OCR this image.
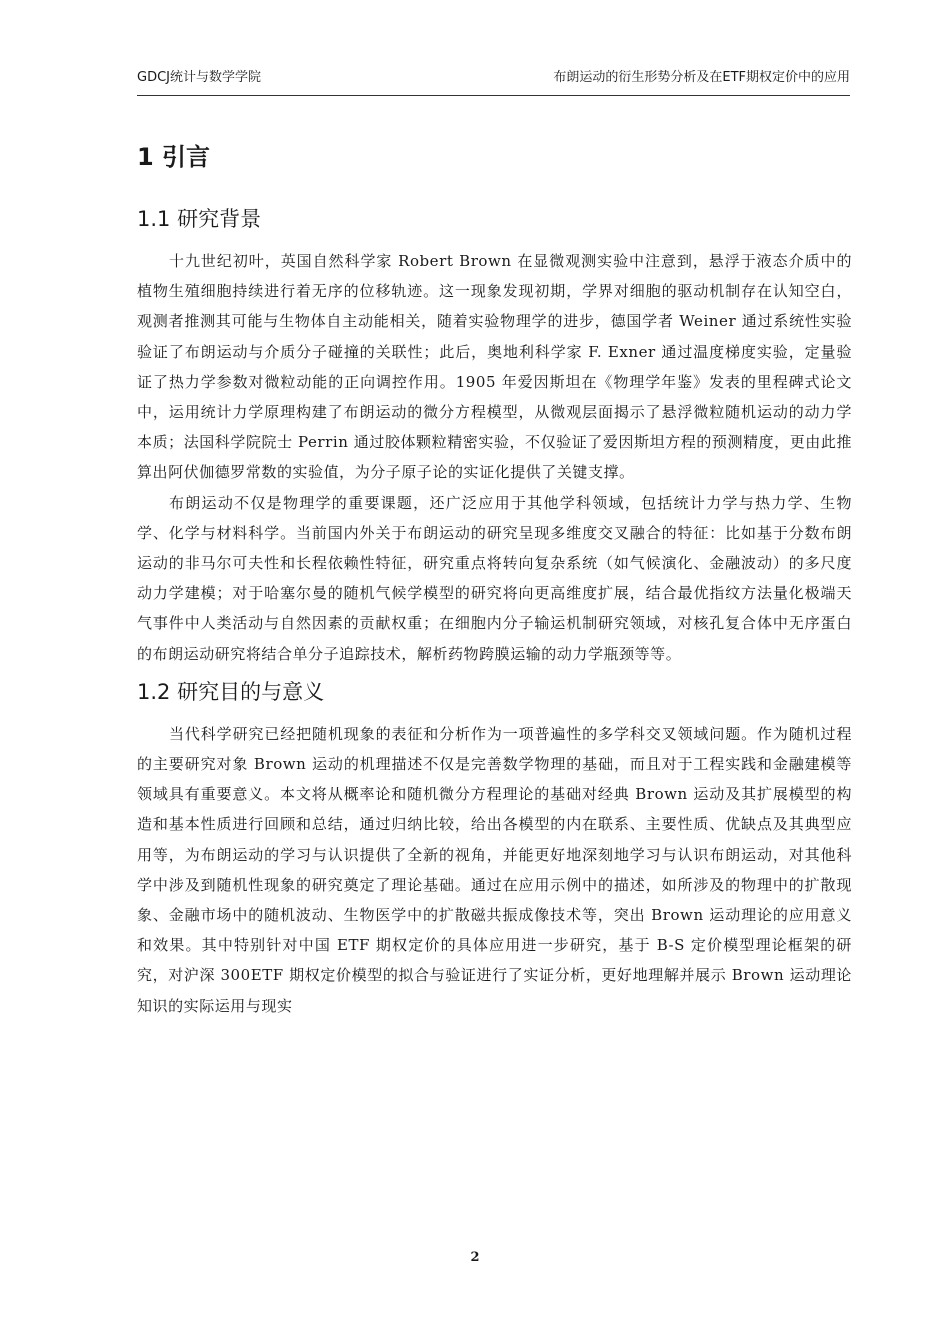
GDCJ统计与数学学院	布朗运动的衍生形势分析及在ETF期权定价中的应用
1 引言
1.1 研究背景

十九世纪初叶，英国自然科学家 Robert Brown 在显微观测实验中注意到，悬浮于液态介质中的植物生殖细胞持续进行着无序的位移轨迹。这一现象发现初期，学界对细胞的驱动机制存在认知空白，观测者推测其可能与生物体自主动能相关，随着实验物理学的进步，德国学者 Weiner 通过系统性实验验证了布朗运动与介质分子碰撞的关联性；此后，奥地利科学家 F. Exner 通过温度梯度实验，定量验证了热力学参数对微粒动能的正向调控作用。1905 年爱因斯坦在《物理学年鉴》发表的里程碑式论文中，运用统计力学原理构建了布朗运动的微分方程模型，从微观层面揭示了悬浮微粒随机运动的动力学本质；法国科学院院士 Perrin 通过胶体颗粒精密实验，不仅验证了爱因斯坦方程的预测精度，更由此推算出阿伏伽德罗常数的实验值，为分子原子论的实证化提供了关键支撑。

布朗运动不仅是物理学的重要课题，还广泛应用于其他学科领域，包括统计力学与热力学、生物学、化学与材料科学。当前国内外关于布朗运动的研究呈现多维度交叉融合的特征：比如基于分数布朗运动的非马尔可夫性和长程依赖性特征，研究重点将转向复杂系统（如气候演化、金融波动）的多尺度动力学建模；对于哈塞尔曼的随机气候学模型的研究将向更高维度扩展，结合最优指纹方法量化极端天气事件中人类活动与自然因素的贡献权重；在细胞内分子输运机制研究领域，对核孔复合体中无序蛋白的布朗运动研究将结合单分子追踪技术，解析药物跨膜运输的动力学瓶颈等等。

1.2 研究目的与意义

当代科学研究已经把随机现象的表征和分析作为一项普遍性的多学科交叉领域问题。作为随机过程的主要研究对象 Brown 运动的机理描述不仅是完善数学物理的基础，而且对于工程实践和金融建模等领域具有重要意义。本文将从概率论和随机微分方程理论的基础对经典 Brown 运动及其扩展模型的构造和基本性质进行回顾和总结，通过归纳比较，给出各模型的内在联系、主要性质、优缺点及其典型应用等，为布朗运动的学习与认识提供了全新的视角，并能更好地深刻地学习与认识布朗运动，对其他科学中涉及到随机性现象的研究奠定了理论基础。通过在应用示例中的描述，如所涉及的物理中的扩散现象、金融市场中的随机波动、生物医学中的扩散磁共振成像技术等，突出 Brown 运动理论的应用意义和效果。其中特别针对中国 ETF 期权定价的具体应用进一步研究，基于 B-S 定价模型理论框架的研究，对沪深 300ETF 期权定价模型的拟合与验证进行了实证分析，更好地理解并展示 Brown 运动理论知识的实际运用与现实

2
